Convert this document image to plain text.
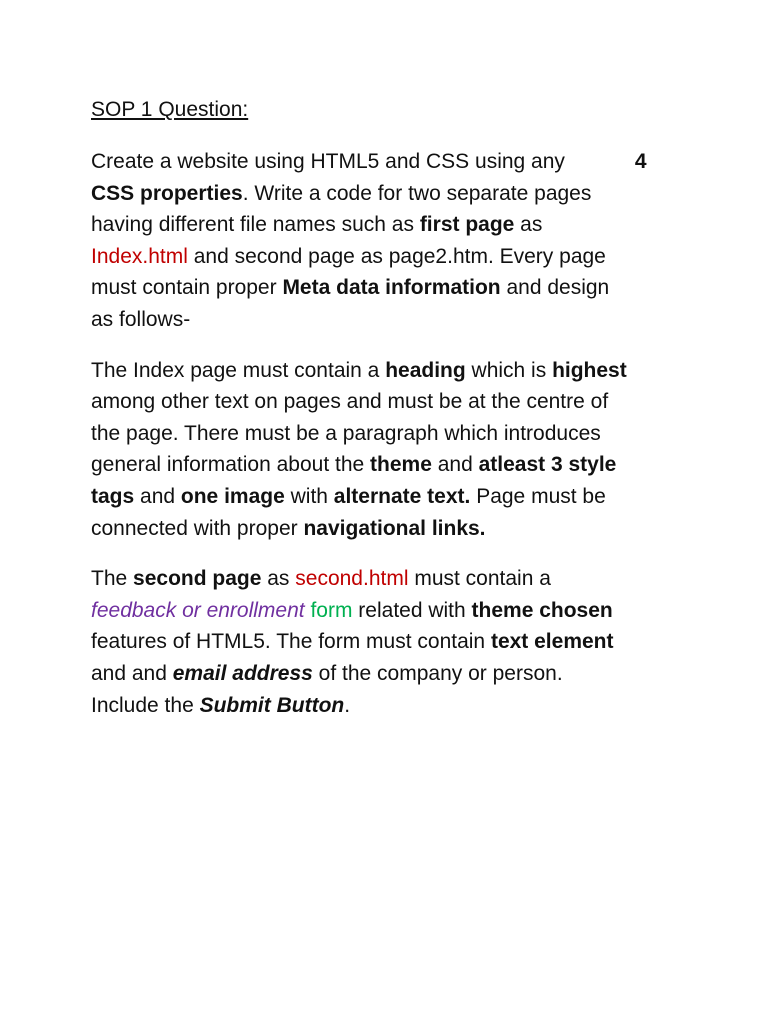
SOP 1 Question:
Create a website using HTML5 and CSS using any	4
CSS properties. Write a code for two separate pages
having different file names such as first page as
Index.html and second page as page2.htm. Every page
must contain proper Meta data information and design
as follows-
The Index page must contain a heading which is highest
among other text on pages and must be at the centre of
the page. There must be a paragraph which introduces
general information about the theme and atleast 3 style
tags and one image with alternate text. Page must be
connected with proper navigational links.
The second page as second.html must contain a
feedback or enrollment form related with theme chosen
features of HTML5. The form must contain text element
and and email address of the company or person.
Include the Submit Button.
